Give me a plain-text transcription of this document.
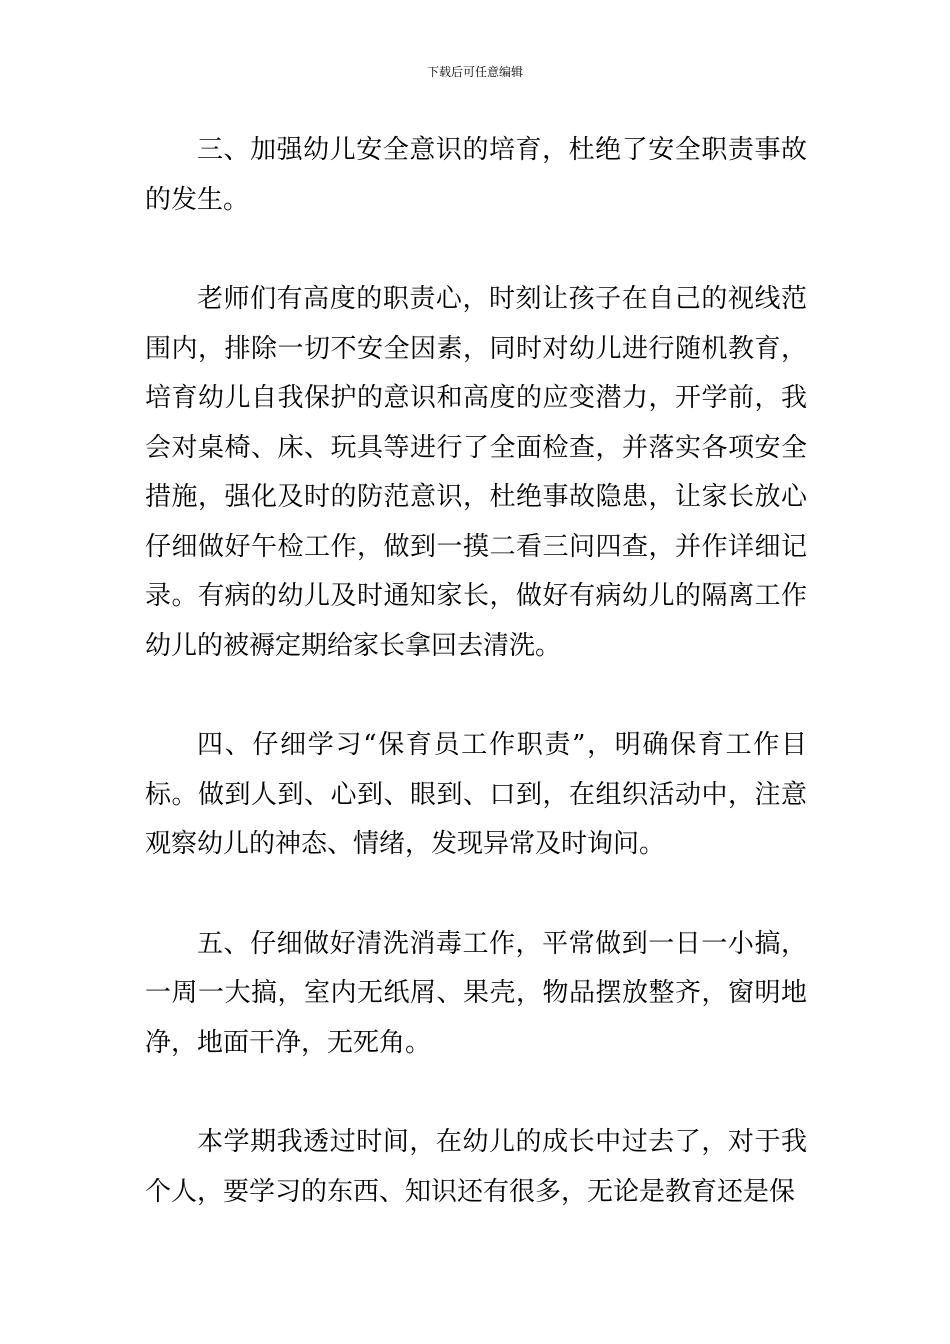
下载后可任意编辑

三、加强幼儿安全意识的培育，杜绝了安全职责事故的发生。

老师们有高度的职责心，时刻让孩子在自己的视线范围内，排除一切不安全因素，同时对幼儿进行随机教育，培育幼儿自我保护的意识和高度的应变潜力，开学前，我会对桌椅、床、玩具等进行了全面检查，并落实各项安全措施，强化及时的防范意识，杜绝事故隐患，让家长放心仔细做好午检工作，做到一摸二看三问四查，并作详细记录。有病的幼儿及时通知家长，做好有病幼儿的隔离工作幼儿的被褥定期给家长拿回去清洗。

四、仔细学习“保育员工作职责”，明确保育工作目标。做到人到、心到、眼到、口到，在组织活动中，注意观察幼儿的神态、情绪，发现异常及时询问。

五、仔细做好清洗消毒工作，平常做到一日一小搞，一周一大搞，室内无纸屑、果壳，物品摆放整齐，窗明地净，地面干净，无死角。

本学期我透过时间，在幼儿的成长中过去了，对于我个人，要学习的东西、知识还有很多，无论是教育还是保
